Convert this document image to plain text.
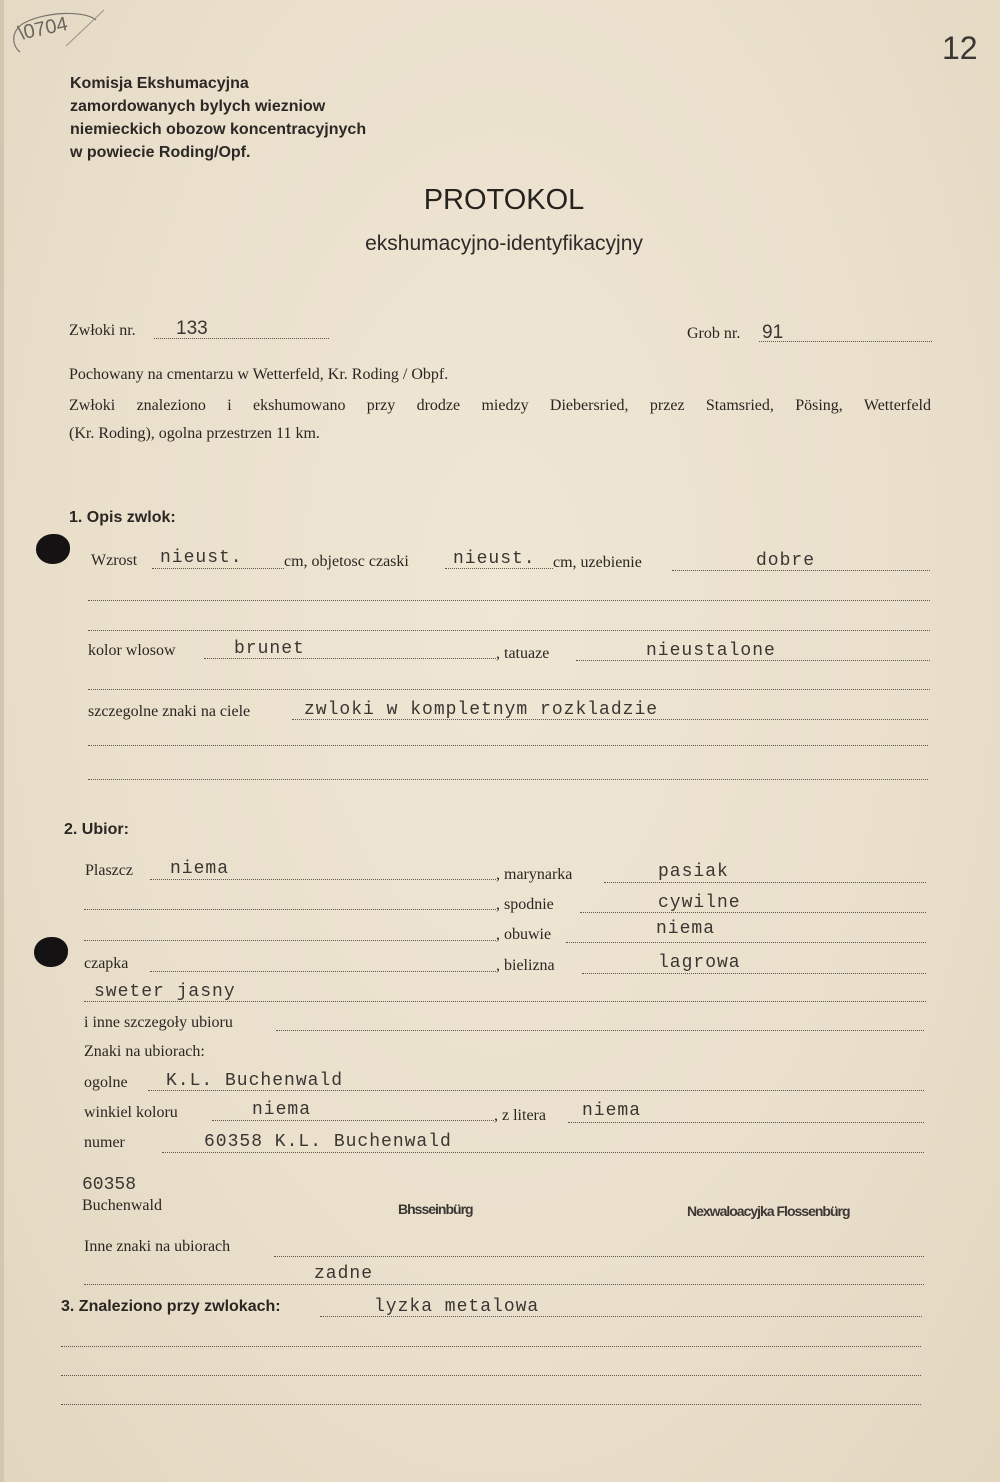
\0704
12
Komisja Ekshumacyjna
zamordowanych bylych wiezniow
niemieckich obozow koncentracyjnych
w powiecie Roding/Opf.
PROTOKOL
ekshumacyjno-identyfikacyjny
Zwłoki nr. 133	Grob nr. 91
Pochowany na cmentarzu w Wetterfeld, Kr. Roding / Obpf.
Zwłoki znaleziono i ekshumowano przy drodze miedzy Diebersried, przez Stamsried, Pösing, Wetterfeld
(Kr. Roding), ogolna przestrzen 11 km.
1. Opis zwlok:
Wzrost nieust.	cm, objetosc czaski nieust. cm, uzebienie	dobre
kolor wlosow	brunet	, tatuaze	nieustalone
szczegolne znaki na ciele	zwloki w kompletnym rozkladzie
2. Ubior:
Plaszcz niema	, marynarka	pasiak
, spodnie	cywilne
, obuwie	niema
czapka	, bielizna	lagrowa
sweter jasny
i inne szczegoły ubioru
Znaki na ubiorach:
ogolne K.L. Buchenwald
winkiel koloru	niema	, z litera niema
numer	60358 K.L. Buchenwald
60358
Buchenwald	Bhsseinbürg	Nexwaloacyjka Flossenbürg
Inne znaki na ubiorach
zadne
3. Znaleziono przy zwlokach:	lyzka metalowa
